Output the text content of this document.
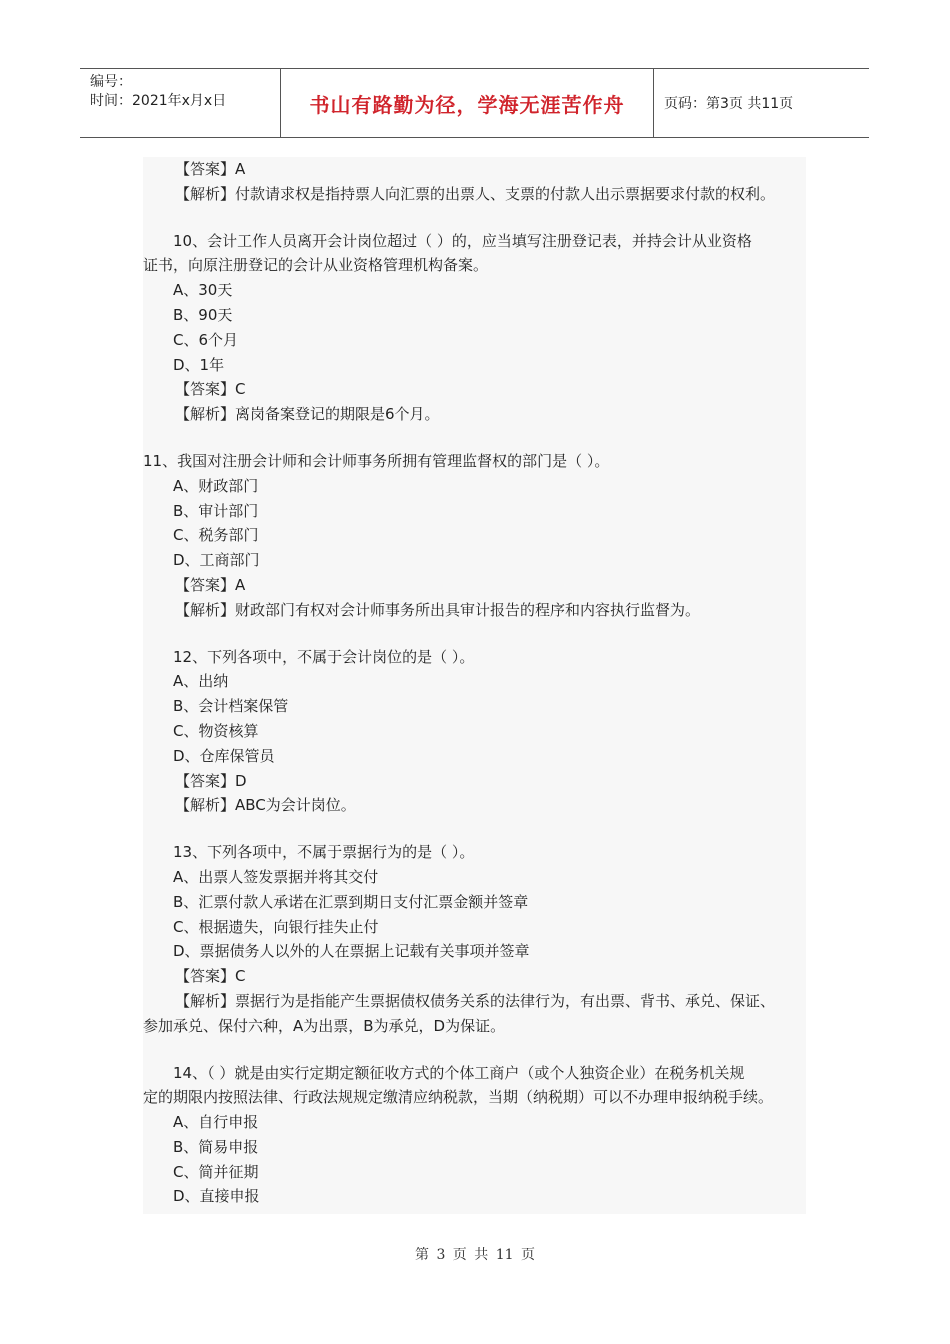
编号：
时间：2021年x月x日	书山有路勤为径，学海无涯苦作舟	页码：第3页 共11页
【答案】A
【解析】付款请求权是指持票人向汇票的出票人、支票的付款人出示票据要求付款的权利。
10、会计工作人员离开会计岗位超过（ ）的，应当填写注册登记表，并持会计从业资格
证书，向原注册登记的会计从业资格管理机构备案。
A、30天
B、90天
C、6个月
D、1年
【答案】C
【解析】离岗备案登记的期限是6个月。
11、我国对注册会计师和会计师事务所拥有管理监督权的部门是（ ）。
A、财政部门
B、审计部门
C、税务部门
D、工商部门
【答案】A
【解析】财政部门有权对会计师事务所出具审计报告的程序和内容执行监督为。
12、下列各项中，不属于会计岗位的是（ ）。
A、出纳
B、会计档案保管
C、物资核算
D、仓库保管员
【答案】D
【解析】ABC为会计岗位。
13、下列各项中，不属于票据行为的是（ ）。
A、出票人签发票据并将其交付
B、汇票付款人承诺在汇票到期日支付汇票金额并签章
C、根据遗失，向银行挂失止付
D、票据债务人以外的人在票据上记载有关事项并签章
【答案】C
【解析】票据行为是指能产生票据债权债务关系的法律行为，有出票、背书、承兑、保证、
参加承兑、保付六种，A为出票，B为承兑，D为保证。
14、（ ）就是由实行定期定额征收方式的个体工商户（或个人独资企业）在税务机关规
定的期限内按照法律、行政法规规定缴清应纳税款，当期（纳税期）可以不办理申报纳税手续。
A、自行申报
B、简易申报
C、简并征期
D、直接申报
第 3 页 共 11 页
